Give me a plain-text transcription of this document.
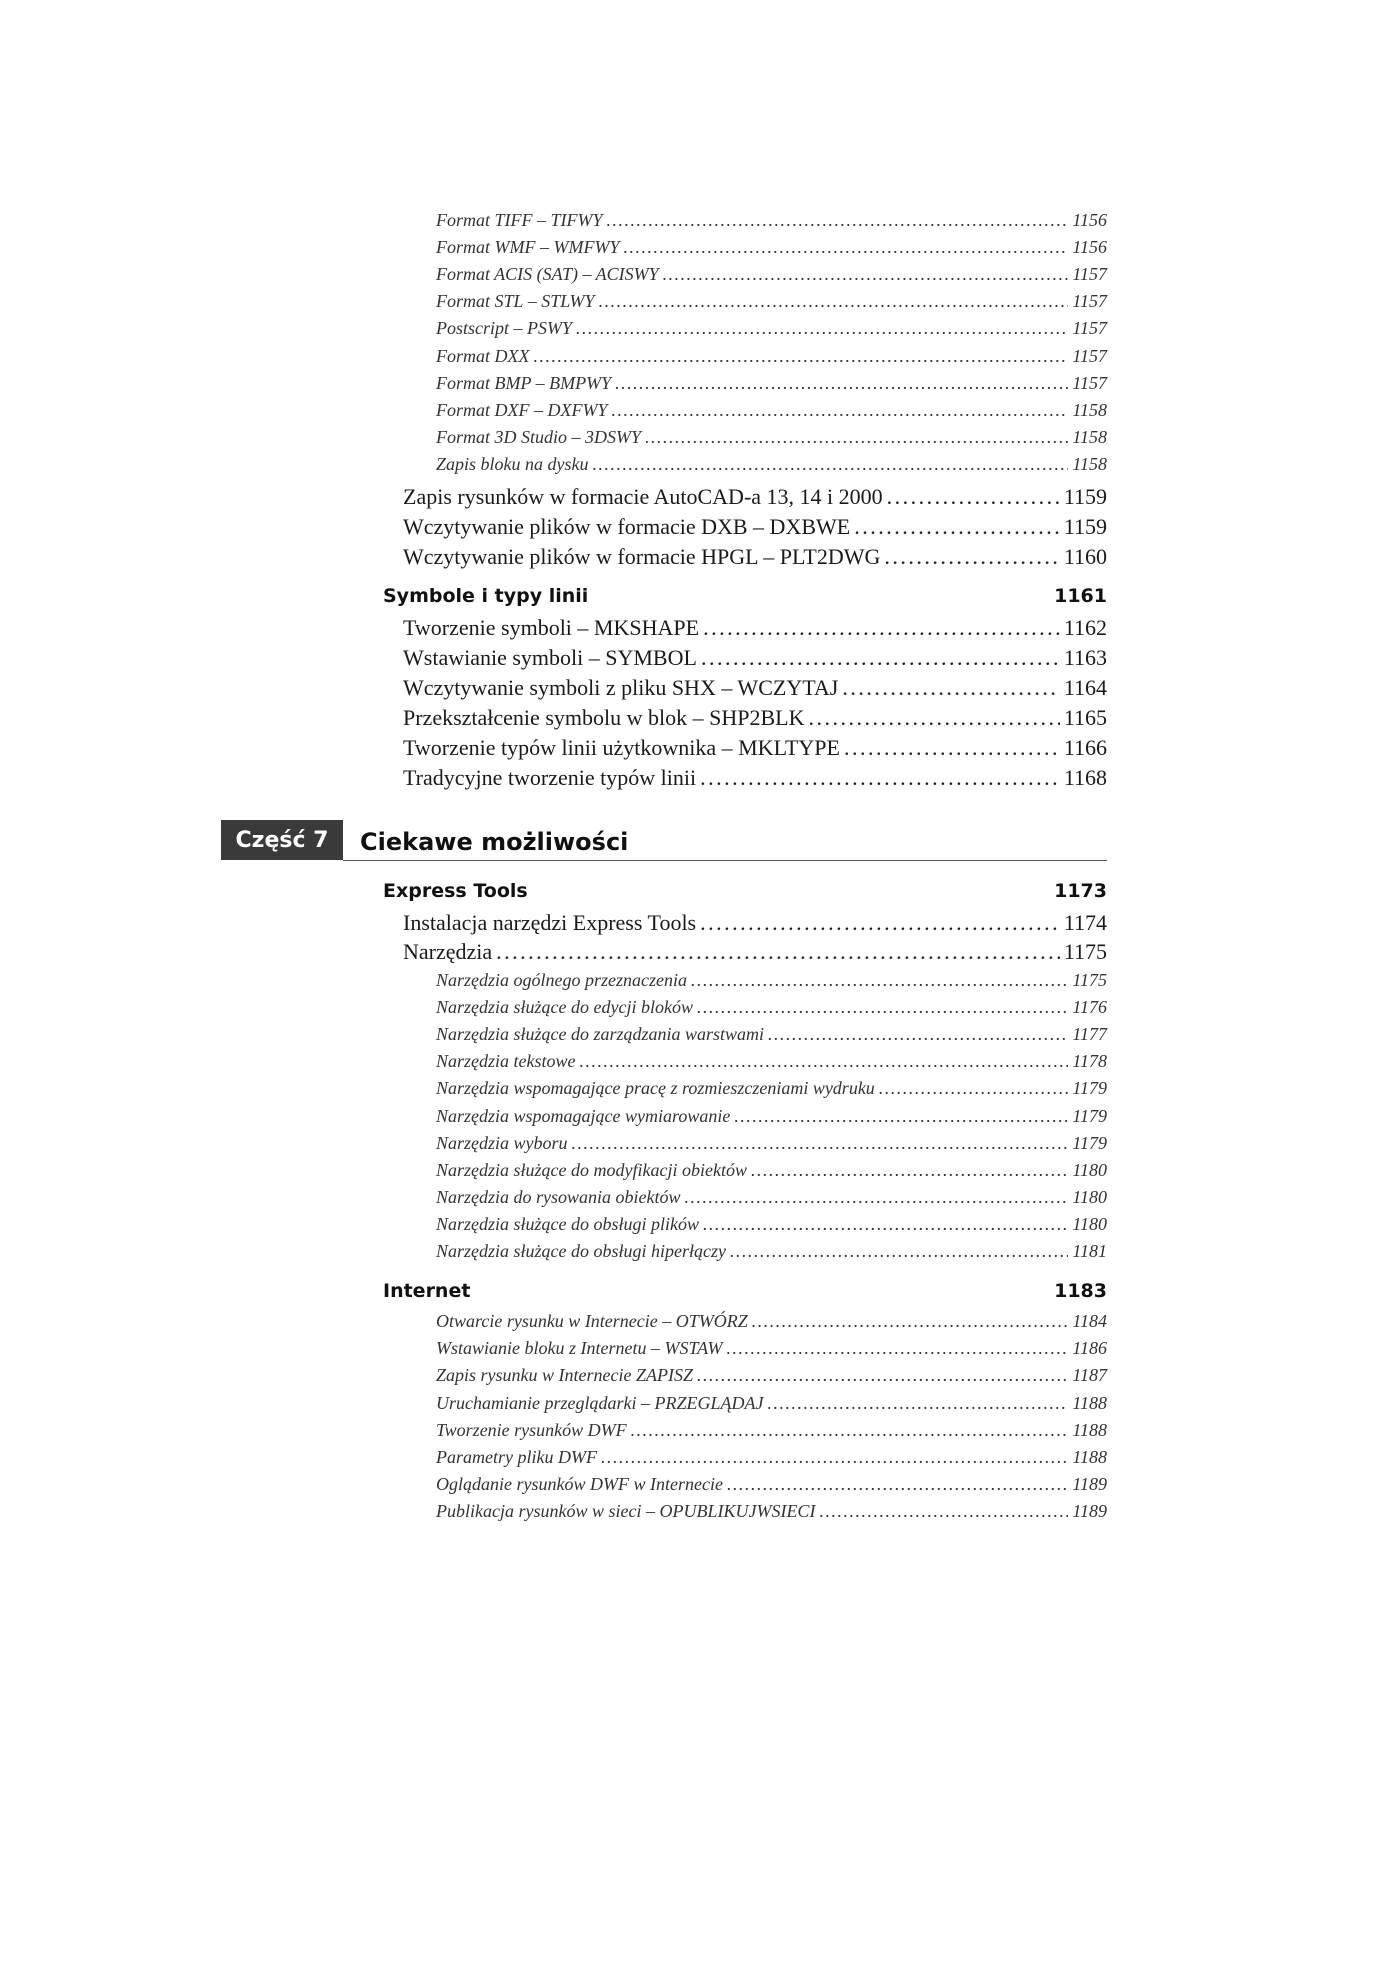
Format TIFF – TIFWY . . .	1156
Format WMF – WMFWY . . .	1156
Format ACIS (SAT) – ACISWY . . .	1157
Format STL – STLWY . . .	1157
Postscript – PSWY . . .	1157
Format DXX . . .	1157
Format BMP – BMPWY . . .	1157
Format DXF – DXFWY . . .	1158
Format 3D Studio – 3DSWY . . .	1158
Zapis bloku na dysku . . .	1158
Zapis rysunków w formacie AutoCAD-a 13, 14 i 2000 . . .	1159
Wczytywanie plików w formacie DXB – DXBWE . . .	1159
Wczytywanie plików w formacie HPGL – PLT2DWG . . .	1160
Symbole i typy linii	1161
Tworzenie symboli – MKSHAPE . . .	1162
Wstawianie symboli – SYMBOL . . .	1163
Wczytywanie symboli z pliku SHX – WCZYTAJ . . .	1164
Przekształcenie symbolu w blok – SHP2BLK . . .	1165
Tworzenie typów linii użytkownika – MKLTYPE . . .	1166
Tradycyjne tworzenie typów linii . . .	1168
Część 7 Ciekawe możliwości
Express Tools	1173
Instalacja narzędzi Express Tools . . .	1174
Narzędzia . . .	1175
Narzędzia ogólnego przeznaczenia . . .	1175
Narzędzia służące do edycji bloków . . .	1176
Narzędzia służące do zarządzania warstwami . . .	1177
Narzędzia tekstowe . . .	1178
Narzędzia wspomagające pracę z rozmieszczeniami wydruku . . .	1179
Narzędzia wspomagające wymiarowanie . . .	1179
Narzędzia wyboru . . .	1179
Narzędzia służące do modyfikacji obiektów . . .	1180
Narzędzia do rysowania obiektów . . .	1180
Narzędzia służące do obsługi plików . . .	1180
Narzędzia służące do obsługi hiperłączy . . .	1181
Internet	1183
Otwarcie rysunku w Internecie – OTWÓRZ . . .	1184
Wstawianie bloku z Internetu – WSTAW . . .	1186
Zapis rysunku w Internecie ZAPISZ . . .	1187
Uruchamianie przeglądarki – PRZEGLĄDAJ . . .	1188
Tworzenie rysunków DWF . . .	1188
Parametry pliku DWF . . .	1188
Oglądanie rysunków DWF w Internecie . . .	1189
Publikacja rysunków w sieci – OPUBLIKUJWSIECI . . .	1189
